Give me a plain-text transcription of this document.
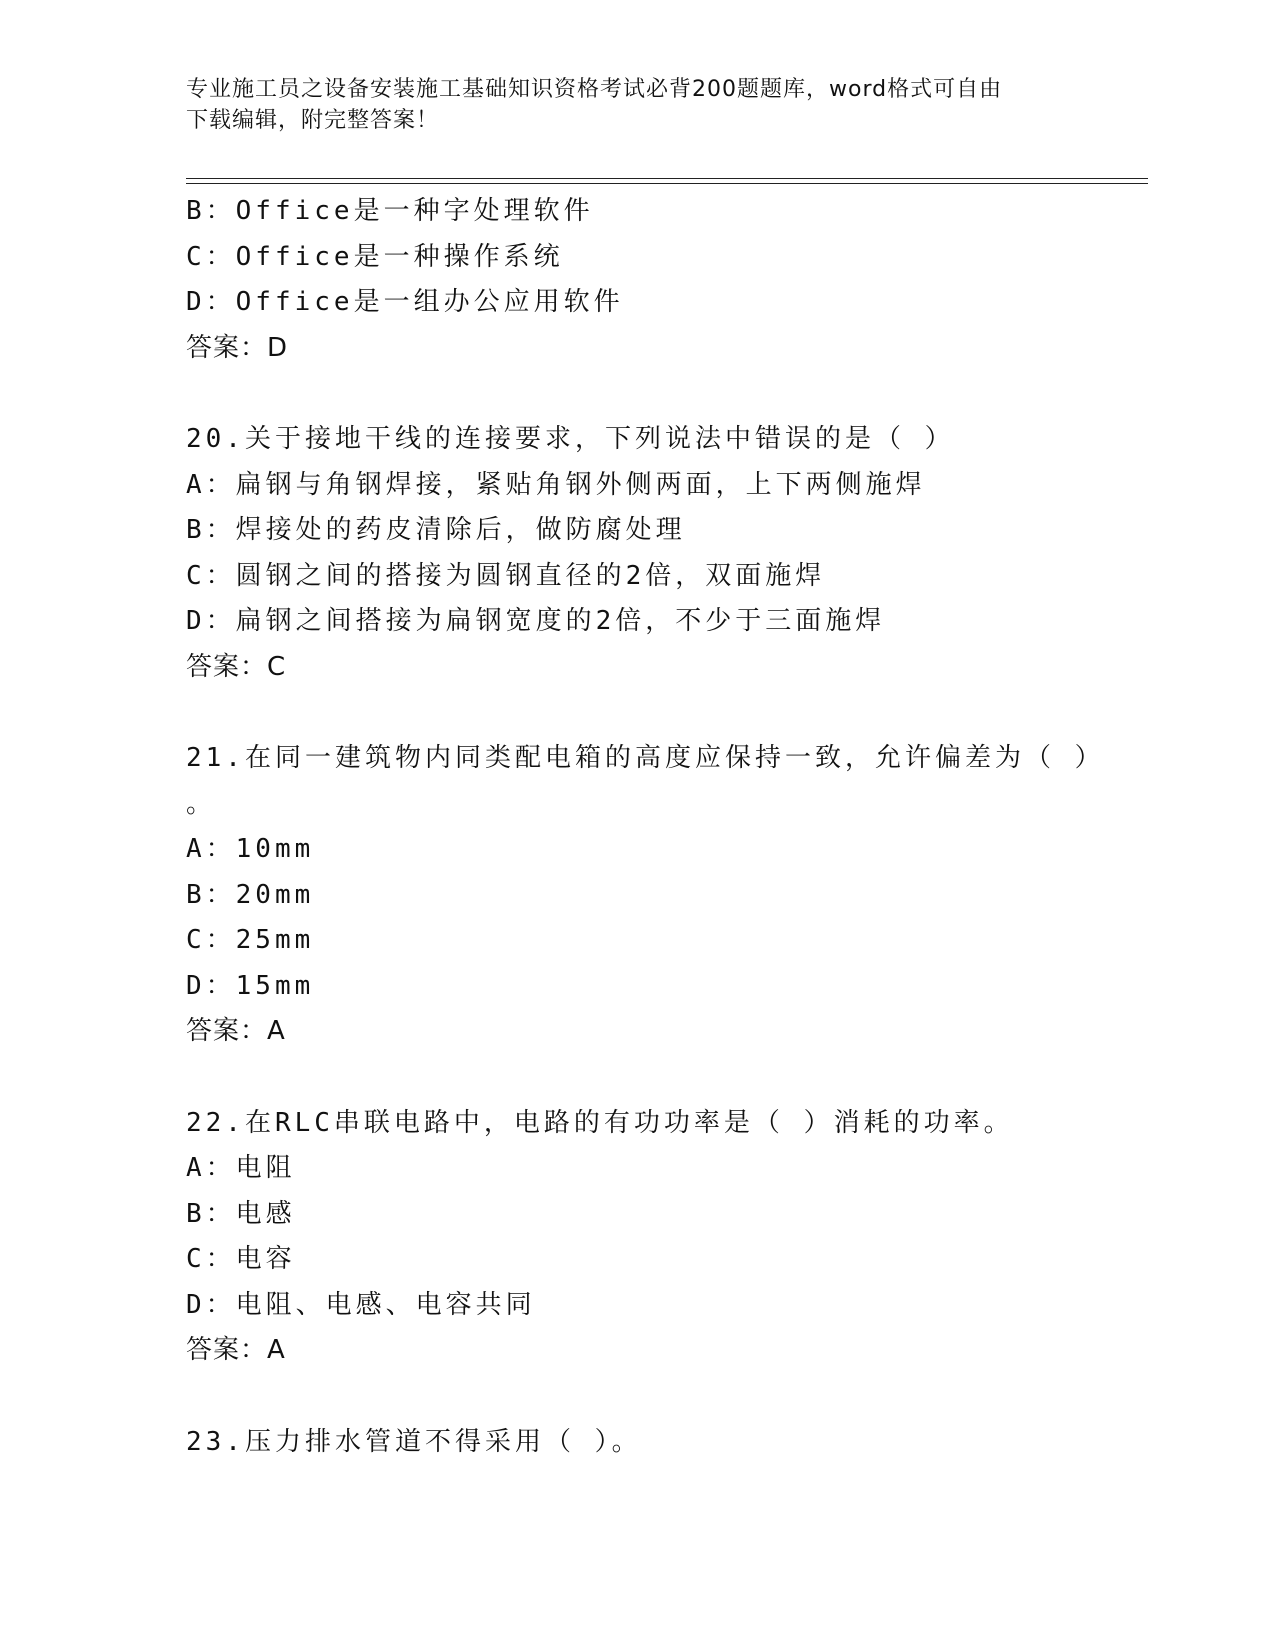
专业施工员之设备安装施工基础知识资格考试必背200题题库，word格式可自由
下载编辑，附完整答案！
B：Office是一种字处理软件
C：Office是一种操作系统
D：Office是一组办公应用软件
答案：D
20.关于接地干线的连接要求，下列说法中错误的是（ ）
A：扁钢与角钢焊接，紧贴角钢外侧两面，上下两侧施焊
B：焊接处的药皮清除后，做防腐处理
C：圆钢之间的搭接为圆钢直径的2倍，双面施焊
D：扁钢之间搭接为扁钢宽度的2倍，不少于三面施焊
答案：C
21.在同一建筑物内同类配电箱的高度应保持一致，允许偏差为（ ）
。
A：10mm
B：20mm
C：25mm
D：15mm
答案：A
22.在RLC串联电路中，电路的有功功率是（ ）消耗的功率。
A：电阻
B：电感
C：电容
D：电阻、电感、电容共同
答案：A
23.压力排水管道不得采用（ ）。
